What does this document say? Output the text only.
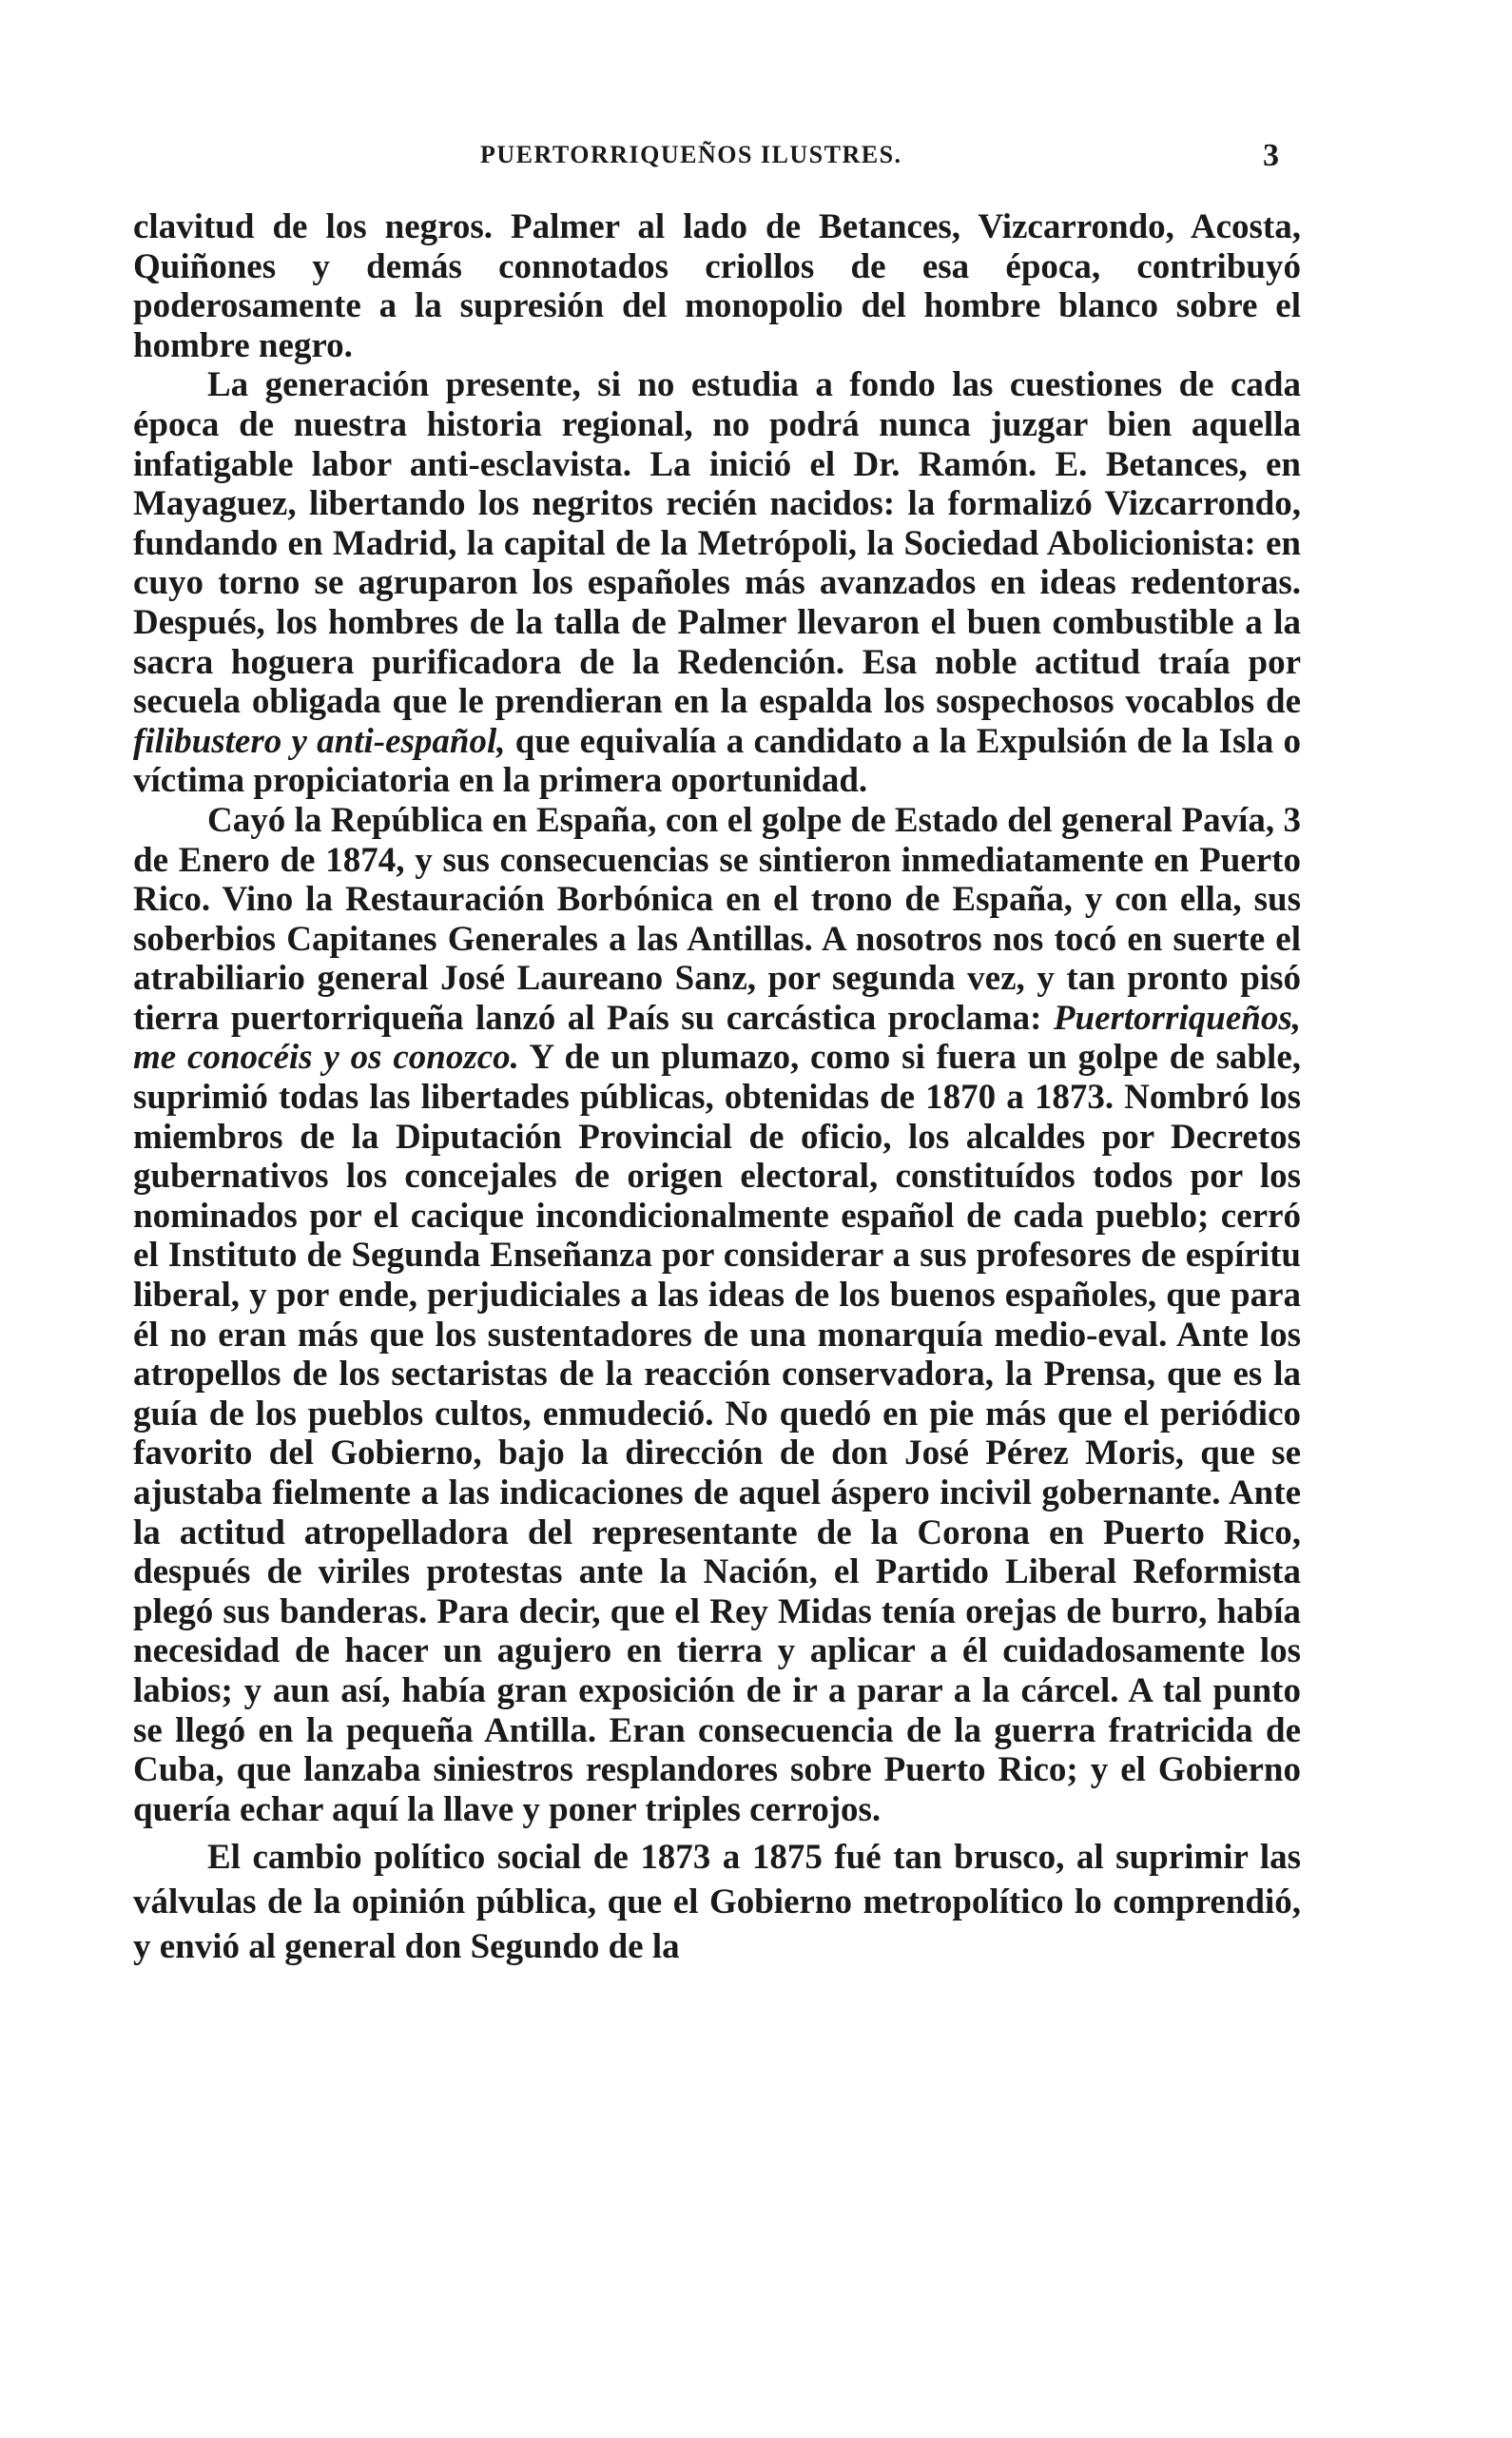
PUERTORRIQUEÑOS ILUSTRES.	3

clavitud de los negros. Palmer al lado de Betances, Vizcarrondo, Acosta, Quiñones y demás connotados criollos de esa época, contribuyó poderosamente a la supresión del monopolio del hombre blanco sobre el hombre negro.

La generación presente, si no estudia a fondo las cuestiones de cada época de nuestra historia regional, no podrá nunca juzgar bien aquella infatigable labor anti-esclavista. La inició el Dr. Ramón. E. Betances, en Mayaguez, libertando los negritos recién nacidos: la formalizó Vizcarrondo, fundando en Madrid, la capital de la Metrópoli, la Sociedad Abolicionista: en cuyo torno se agruparon los españoles más avanzados en ideas redentoras. Después, los hombres de la talla de Palmer llevaron el buen combustible a la sacra hoguera purificadora de la Redención. Esa noble actitud traía por secuela obligada que le prendieran en la espalda los sospechosos vocablos de filibustero y anti-español, que equivalía a candidato a la Expulsión de la Isla o víctima propiciatoria en la primera oportunidad.

Cayó la República en España, con el golpe de Estado del general Pavía, 3 de Enero de 1874, y sus consecuencias se sintieron inmediatamente en Puerto Rico. Vino la Restauración Borbónica en el trono de España, y con ella, sus soberbios Capitanes Generales a las Antillas. A nosotros nos tocó en suerte el atrabiliario general José Laureano Sanz, por segunda vez, y tan pronto pisó tierra puertorriqueña lanzó al País su carcástica proclama: Puertorriqueños, me conocéis y os conozco. Y de un plumazo, como si fuera un golpe de sable, suprimió todas las libertades públicas, obtenidas de 1870 a 1873. Nombró los miembros de la Diputación Provincial de oficio, los alcaldes por Decretos gubernativos los concejales de origen electoral, constituídos todos por los nominados por el cacique incondicionalmente español de cada pueblo; cerró el Instituto de Segunda Enseñanza por considerar a sus profesores de espíritu liberal, y por ende, perjudiciales a las ideas de los buenos españoles, que para él no eran más que los sustentadores de una monarquía medio-eval. Ante los atropellos de los sectaristas de la reacción conservadora, la Prensa, que es la guía de los pueblos cultos, enmudeció. No quedó en pie más que el periódico favorito del Gobierno, bajo la dirección de don José Pérez Moris, que se ajustaba fielmente a las indicaciones de aquel áspero incivil gobernante. Ante la actitud atropelladora del representante de la Corona en Puerto Rico, después de viriles protestas ante la Nación, el Partido Liberal Reformista plegó sus banderas. Para decir, que el Rey Midas tenía orejas de burro, había necesidad de hacer un agujero en tierra y aplicar a él cuidadosamente los labios; y aun así, había gran exposición de ir a parar a la cárcel. A tal punto se llegó en la pequeña Antilla. Eran consecuencia de la guerra fratricida de Cuba, que lanzaba siniestros resplandores sobre Puerto Rico; y el Gobierno quería echar aquí la llave y poner triples cerrojos.

El cambio político social de 1873 a 1875 fué tan brusco, al suprimir las válvulas de la opinión pública, que el Gobierno metropolítico lo comprendió, y envió al general don Segundo de la
